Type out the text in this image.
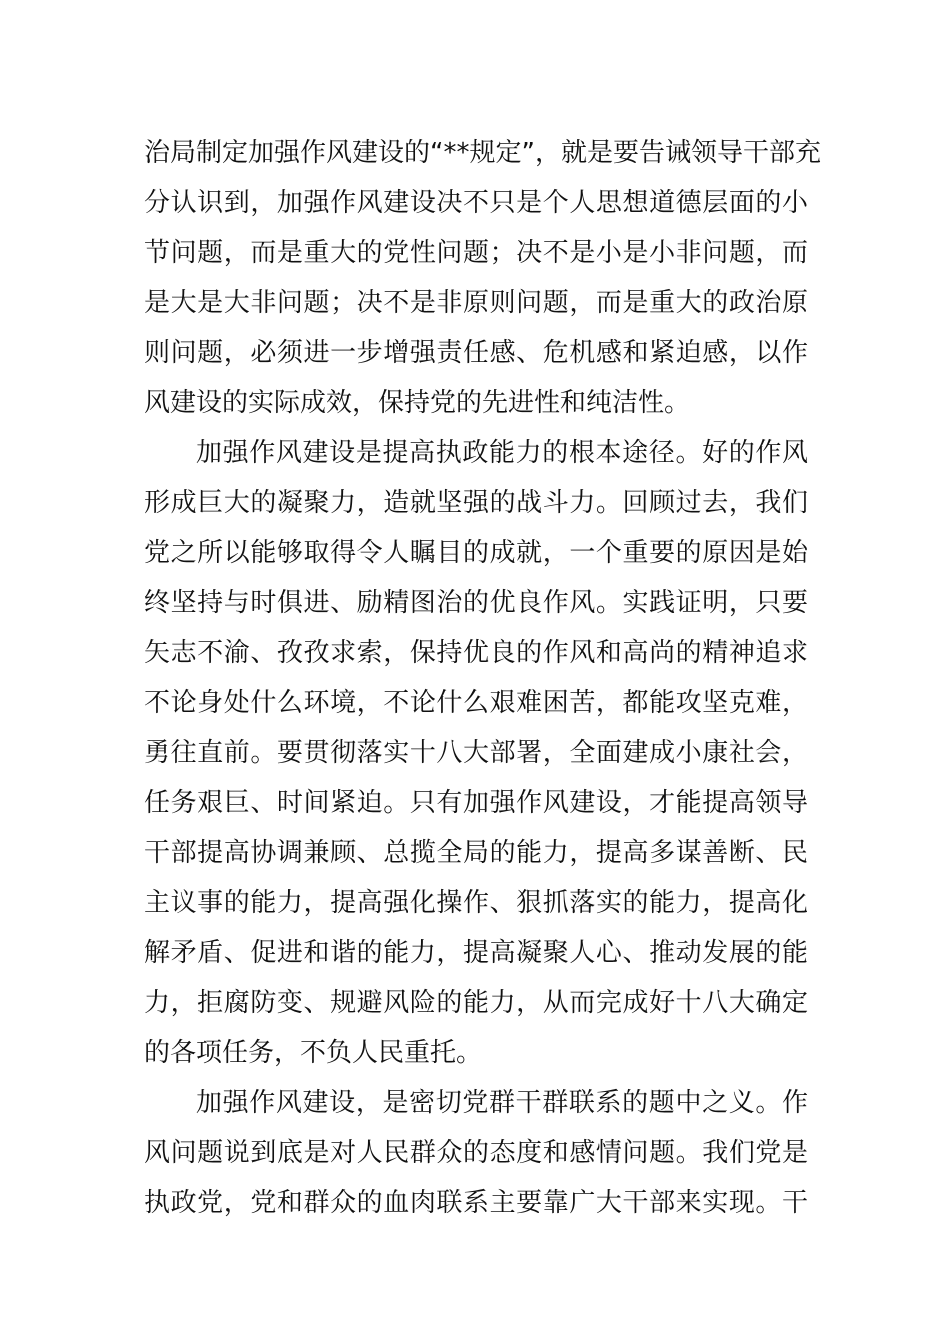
治局制定加强作风建设的“**规定”，就是要告诫领导干部充
分认识到，加强作风建设决不只是个人思想道德层面的小
节问题，而是重大的党性问题；决不是小是小非问题，而
是大是大非问题；决不是非原则问题，而是重大的政治原
则问题，必须进一步增强责任感、危机感和紧迫感，以作
风建设的实际成效，保持党的先进性和纯洁性。
加强作风建设是提高执政能力的根本途径。好的作风
形成巨大的凝聚力，造就坚强的战斗力。回顾过去，我们
党之所以能够取得令人瞩目的成就，一个重要的原因是始
终坚持与时俱进、励精图治的优良作风。实践证明，只要
矢志不渝、孜孜求索，保持优良的作风和高尚的精神追求
不论身处什么环境，不论什么艰难困苦，都能攻坚克难，
勇往直前。要贯彻落实十八大部署，全面建成小康社会，
任务艰巨、时间紧迫。只有加强作风建设，才能提高领导
干部提高协调兼顾、总揽全局的能力，提高多谋善断、民
主议事的能力，提高强化操作、狠抓落实的能力，提高化
解矛盾、促进和谐的能力，提高凝聚人心、推动发展的能
力，拒腐防变、规避风险的能力，从而完成好十八大确定
的各项任务，不负人民重托。
加强作风建设，是密切党群干群联系的题中之义。作
风问题说到底是对人民群众的态度和感情问题。我们党是
执政党，党和群众的血肉联系主要靠广大干部来实现。干
